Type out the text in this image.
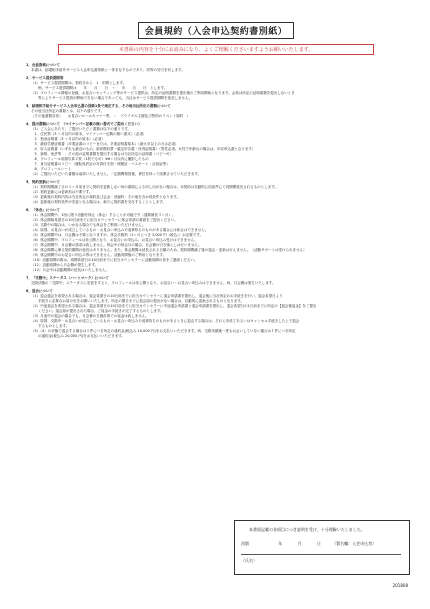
会員規約（入会申込契約書別紙）
本書面の内容を十分にお読みになり、よくご理解くださいますようお願いいたします。
1．会員資格について
本書は、結婚相手紹介サービス入会申込書別紙と一体をなすものであり、同等の効力を有します。
2．サービス提供期間等
（1）サービス提供期間は、契約日から　1　年間とします。
　　例、サービス提供期間は　　年　　月　　日　～　　年　　月　　日　とします。
（2）プロフィール情報の登録、お見合いセッティング等のサービス提供は、所定の証明書類を提出後のご利用開始となります。会員は所定の証明書類を提出しないとき
　　等によりサービス提供が開始できない場合であっても、当社はサービス提供期間を延長しません。
3．結婚相手紹介サービス入会申込書の別紙1条で規定する、その他当社所定の書類について
その他当社所定の書類とは、以下の通りです。
（その他書類各条）　　お見合いルール＆マナー集　・　ブライダル主催及び特別のイベント規約　）
4．提出書類について　（マイナンバー記載の無い書式でご提出ください）
（1）ご入会にあたり、ご提出いただく書類は以下の通りです。
　1．住民票（3 ヶ月以内の原本、マイナンバー記載の無い書式）（必須）
　2．独身証明書（3 ヶ月以内の原本）（必須）
　3．最終学歴証明書（卒業証書のコピーまたは、卒業証明書原本）（最大卒以上の方は必須）
　4．収入証明書（いずれも最近のもの。源泉徴収票・確定申告書・所得証明書）（男性必須、女性で年齢山の場合は、年収申込書となります）
　5．資格、免許等　：その他の証明書類を提出する場合は当社所定の証明書（コピー可）
　6．プロフィール用顔写真２枚（1枚でも可）※6ヶ月以内に撮影したもの
　7．身分証明書のコピー（運転免許証の写真付き面・保険証・パスポート・社員証等）
　8．プロフィールシート
（2）ご提出いただいた書類は返却いたしません。一定期間保管後、責任を持って廃棄させていただきます。
5．契約更新について
（1）契約期間満了日の１ヶ月前までに契約を更新しない旨の書面による申し出がない場合は、本契約は自動的に同条件にて同期間延長されるものとします。
（2）契約更新には更新料は不要です。
（3）更新後の契約内容は当社所定の規約及び会金・登録料・その他を含め同条件となります。
（4）更新後の契約条件が変更となる場合は、新たに契約書を交付することとします。
6．「休会」について
（1）休会期間中、1回に限り活動を休止（休会）することが可能です（通算最長３ヶ月）。
（2）休会開始希望日の10日前までに担当カウンセラーに休会申請の書面をご提出ください。
（3）交際中の場合は、いかなる場合でも休会をご利用いただけません。
（4）原則、お見合いが成立しているもの・お見合い申込みや返事待ちのものがある場合には休会はできません。
（5）休会期間中は、月会費は不要となりますが、休会手数料（1ヶ月につき 3,000 円（税込））が必要です。
（6）休会期間中、プロフィールは非公開となり、お見合いの申込み、お見合い申込み受けはできません。
（7）休会期間中、月会費の請求は致しません。休会中の休会月の場合、月会費の引き落としは行いません。
（8）休会期間に係る契約期間の延長はありません。また、休会期間は延長される日額のため、契約期間満了後の退会・更新は行えません。（活動サポートは受けられません）
（9）休会期間中のお見合い申込み等はできません。活動再開後のご利用となります。
（10）活動再開の際は、再開希望日の10日前までに担当カウンセラーに活動再開の旨をご連絡ください。
（11）活動再開から月会費が発生します。
（12）月会中は活動期間の延長はいたしません。
7．「交際中」ステータス（ハートマーク）について
交際状態の「交際中」ステータスに変更をすると、プロフィールは非公開となり、お見合い・お見合い申込みはできません。尚、月会費は発生いたします。
8．退会について
（1）退会通会を希望される場合は、退会希望日の10日前までに担当カウンセラーに退会申請書を提出し、退会後に当社所定のお手続きを行い、退会希望日より
　　手続きに必要なお届け出をお願いいたします。所定の期日までに退会届の提出がない場合は、自動的に更新されるものとなります。
（2）中途退会を希望される場合は、退会希望日の10日前までに担当カウンセラーに中途退会申請書と退会申請書を提出し、退会希望日の1日前までに所定の【退会後返金】をご提出
　　ください。退会届が提出された場合、ご返金の手続きが完了するものとします。
（3）月途中の退会の場合でも、月会費の日割計算での返金は致しません。
（4）原則、交際中・お見合いが成立しているもの・お見合い申込みや返事待ちのものがあるときに退会する場合は、それらを終了あるいはキャンセル手続きした上で退会
　　するものとします。
（5）（4）の状態で退会する場合は１件につき所定の違約金(税込み 10,000 円)をお支払いいただきます。尚、交際実績後一度もお会いしていない場合は１件につき所定
　　の違約金(税込み 20,000 円)をお支払いいただきます。
本書面記載の各項目につき説明を受け、十分理解いたしました。
西暦	年	月	日	（署名欄：入会申込者）
（氏名）
201808
